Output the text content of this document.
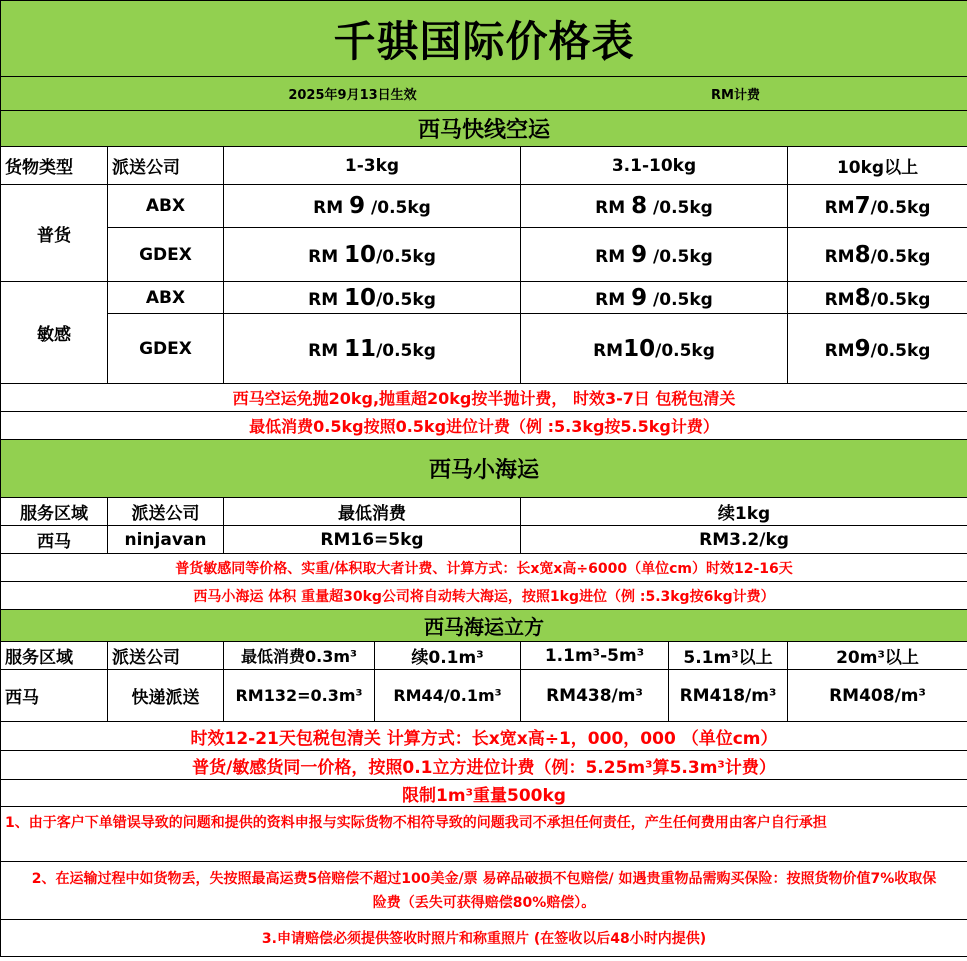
千骐国际价格表						

2025年9月13日生效 RM计费						

西马快线空运						
货物类型	派送公司	1-3kg		3.1-10kg		10kg以上
普货	ABX	RM 9 /0.5kg		RM 8 /0.5kg		RM7/0.5kg
	GDEX	RM 10/0.5kg		RM 9 /0.5kg		RM8/0.5kg
敏感	ABX	RM 10/0.5kg		RM 9 /0.5kg		RM8/0.5kg
	GDEX	RM 11/0.5kg		RM10/0.5kg		RM9/0.5kg
西马空运免抛20kg,抛重超20kg按半抛计费， 时效3-7日 包税包清关						
最低消费0.5kg按照0.5kg进位计费（例 :5.3kg按5.5kg计费）						
西马小海运						
服务区域	派送公司	最低消费		续1kg		
西马	ninjavan	RM16=5kg		RM3.2/kg		
普货敏感同等价格、实重/体积取大者计费、计算方式：长x宽x高÷6000（单位cm）时效12-16天						
西马小海运 体积 重量超30kg公司将自动转大海运，按照1kg进位（例 :5.3kg按6kg计费）						
西马海运立方						
服务区域	派送公司	最低消费0.3m³	续0.1m³	1.1m³-5m³	5.1m³以上	20m³以上
西马	快递派送	RM132=0.3m³	RM44/0.1m³	RM438/m³	RM418/m³	RM408/m³
时效12-21天包税包清关 计算方式：长x宽x高÷1，000，000 （单位cm）						
普货/敏感货同一价格，按照0.1立方进位计费（例：5.25m³算5.3m³计费）						
限制1m³重量500kg						
1、由于客户下单错误导致的问题和提供的资料申报与实际货物不相符导致的问题我司不承担任何责任，产生任何费用由客户自行承担						
2、在运输过程中如货物丢，失按照最高运费5倍赔偿不超过100美金/票 易碎品破损不包赔偿/ 如遇贵重物品需购买保险：按照货物价值7%收取保险费（丢失可获得赔偿80%赔偿）。						
3.申请赔偿必须提供签收时照片和称重照片 (在签收以后48小时内提供)						
